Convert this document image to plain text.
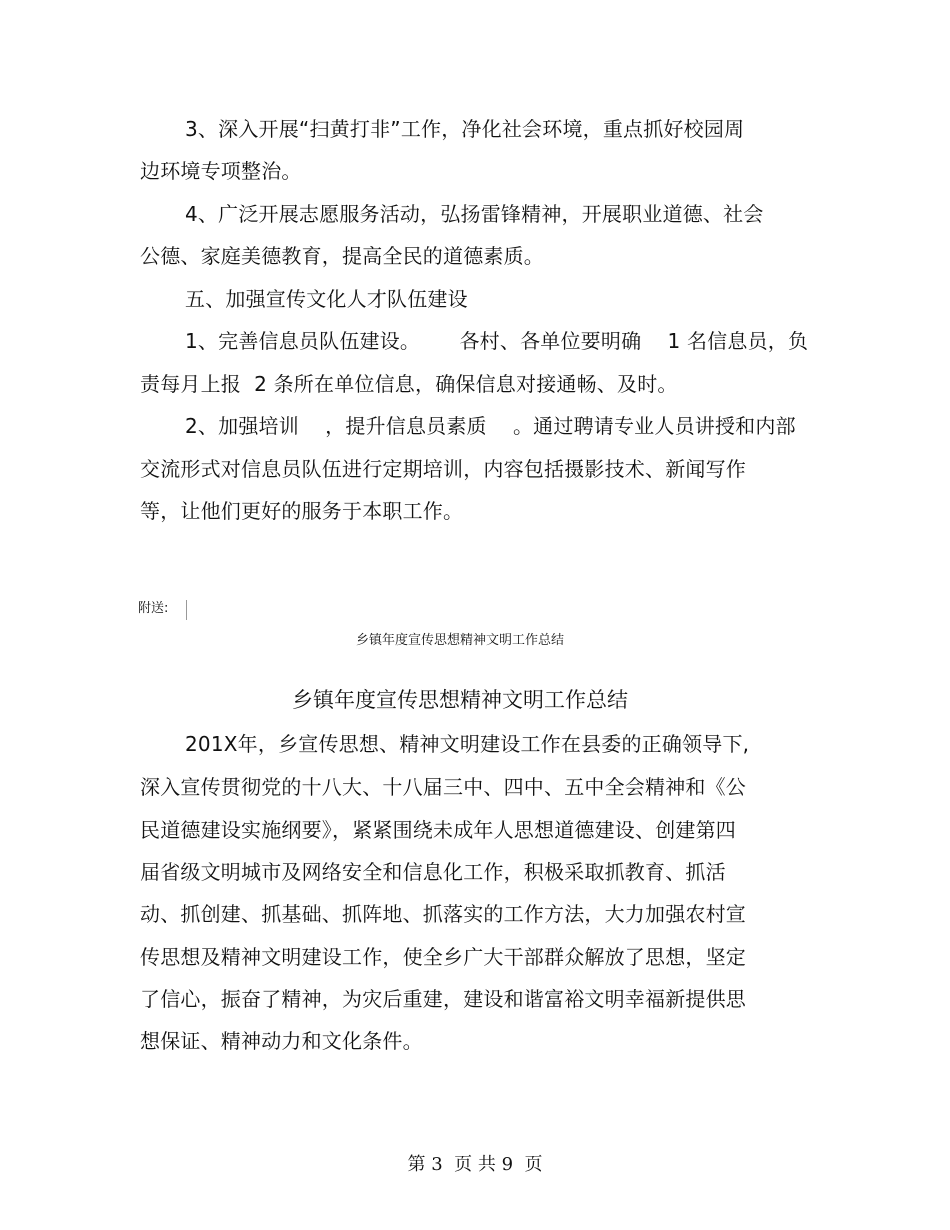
3、深入开展“扫黄打非”工作，净化社会环境，重点抓好校园周
边环境专项整治。
4、广泛开展志愿服务活动，弘扬雷锋精神，开展职业道德、社会
公德、家庭美德教育，提高全民的道德素质。
五、加强宣传文化人才队伍建设
1、完善信息员队伍建设。      各村、各单位要明确    1 名信息员，负
责每月上报  2 条所在单位信息，确保信息对接通畅、及时。
2、加强培训    ，提升信息员素质    。通过聘请专业人员讲授和内部
交流形式对信息员队伍进行定期培训，内容包括摄影技术、新闻写作
等，让他们更好的服务于本职工作。
附送:
乡镇年度宣传思想精神文明工作总结
乡镇年度宣传思想精神文明工作总结
201X年，乡宣传思想、精神文明建设工作在县委的正确领导下,
深入宣传贯彻党的十八大、十八届三中、四中、五中全会精神和《公
民道德建设实施纲要》，紧紧围绕未成年人思想道德建设、创建第四
届省级文明城市及网络安全和信息化工作，积极采取抓教育、抓活
动、抓创建、抓基础、抓阵地、抓落实的工作方法，大力加强农村宣
传思想及精神文明建设工作，使全乡广大干部群众解放了思想，坚定
了信心，振奋了精神，为灾后重建，建设和谐富裕文明幸福新提供思
想保证、精神动力和文化条件。
第 3  页 共 9  页
